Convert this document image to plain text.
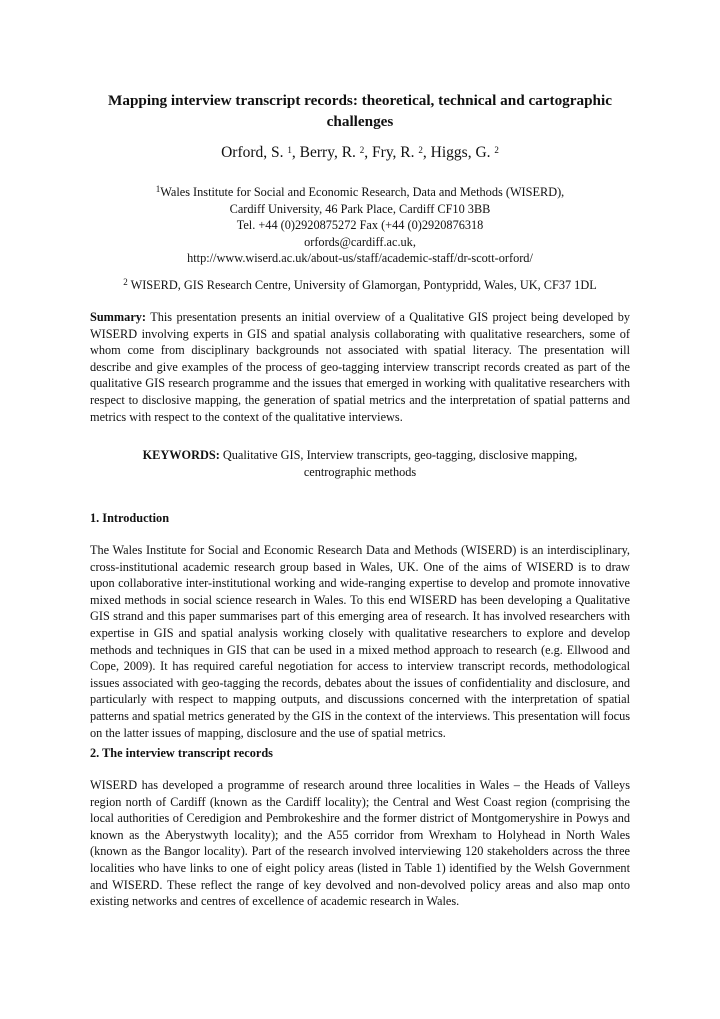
Mapping interview transcript records: theoretical, technical and cartographic challenges
Orford, S. $^1$, Berry, R. $^2$, Fry, R. $^2$, Higgs, G. $^2$
$^1$Wales Institute for Social and Economic Research, Data and Methods (WISERD),
Cardiff University, 46 Park Place, Cardiff CF10 3BB
Tel. +44 (0)2920875272 Fax (+44 (0)2920876318
orfords@cardiff.ac.uk,
http://www.wiserd.ac.uk/about-us/staff/academic-staff/dr-scott-orford/
$^2$ WISERD, GIS Research Centre, University of Glamorgan, Pontypridd, Wales, UK, CF37 1DL

Summary: This presentation presents an initial overview of a Qualitative GIS project being developed by WISERD involving experts in GIS and spatial analysis collaborating with qualitative researchers, some of whom come from disciplinary backgrounds not associated with spatial literacy. The presentation will describe and give examples of the process of geo-tagging interview transcript records created as part of the qualitative GIS research programme and the issues that emerged in working with qualitative researchers with respect to disclosive mapping, the generation of spatial metrics and the interpretation of spatial patterns and metrics with respect to the context of the qualitative interviews.

KEYWORDS: Qualitative GIS, Interview transcripts, geo-tagging, disclosive mapping, centrographic methods
1. Introduction

The Wales Institute for Social and Economic Research Data and Methods (WISERD) is an interdisciplinary, cross-institutional academic research group based in Wales, UK. One of the aims of WISERD is to draw upon collaborative inter-institutional working and wide-ranging expertise to develop and promote innovative mixed methods in social science research in Wales. To this end WISERD has been developing a Qualitative GIS strand and this paper summarises part of this emerging area of research. It has involved researchers with expertise in GIS and spatial analysis working closely with qualitative researchers to explore and develop methods and techniques in GIS that can be used in a mixed method approach to research (e.g. Ellwood and Cope, 2009). It has required careful negotiation for access to interview transcript records, methodological issues associated with geo-tagging the records, debates about the issues of confidentiality and disclosure, and particularly with respect to mapping outputs, and discussions concerned with the interpretation of spatial patterns and spatial metrics generated by the GIS in the context of the interviews. This presentation will focus on the latter issues of mapping, disclosure and the use of spatial metrics.

2. The interview transcript records

WISERD has developed a programme of research around three localities in Wales – the Heads of Valleys region north of Cardiff (known as the Cardiff locality); the Central and West Coast region (comprising the local authorities of Ceredigion and Pembrokeshire and the former district of Montgomeryshire in Powys and known as the Aberystwyth locality); and the A55 corridor from Wrexham to Holyhead in North Wales (known as the Bangor locality). Part of the research involved interviewing 120 stakeholders across the three localities who have links to one of eight policy areas (listed in Table 1) identified by the Welsh Government and WISERD. These reflect the range of key devolved and non-devolved policy areas and also map onto existing networks and centres of excellence of academic research in Wales.
